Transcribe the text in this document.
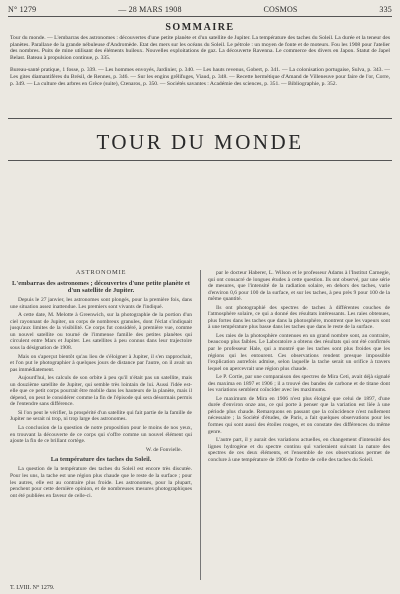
N° 1279	— 28 MARS 1908	COSMOS	335
SOMMAIRE

Tour du monde. — L'embarras des astronomes : découvertes d'une petite planète et d'un satellite de Jupiter. La température des taches du Soleil. La durée et la teneur des planètes. Parallaxe de la grande nébuleuse d'Andromède. Etat des mers sur les océans du Soleil. Le pétrole : un moyen de fonte et de moteurs. Fou les 1908 pour l'atelier des nombres. Puits de mine utilisant des éléments huileux. Nouvelles exploitations de gaz. La découverte Ravenna. Le commerce des divers en Japon. Statut de Japel Belast. Bateau à propulsion continue, p. 335.

Bureau-santé pratique, 1 fosse, p. 339. — Les hommes envoyés, Jardinier, p. 340. — Les hauts revenus, Gobert, p. 341. — La colonisation portugaise, Sulva, p. 343. — Les gites diamantifères du Brésil, de Rennes, p. 346. — Sur les engins grêlifuges, Viaud, p. 348. — Recette hermétique d'Amand de Villeneuve pour faire de l'or, Corre, p. 349. — La culture des arbres en Grèce (suite), Ctenaros, p. 350. — Sociétés savantes : Académie des sciences, p. 351. — Bibliographie, p. 352.

TOUR DU MONDE
ASTRONOMIE
L'embarras des astronomes ; découvertes d'une petite planète et d'un satellite de Jupiter.

Depuis le 27 janvier, les astronomes sont plongés, pour la première fois, dans une situation assez inattendue. Les premiers sont vivants de l'indiqué.

A cette date, M. Melotte à Greenwich, sur la photographie de la portion d'un ciel rayonnant de Jupiter, un corps de nombreux granules, dont l'éclat s'indiquait jusqu'aux limites de la visibilité. Ce corps fut considéré, à première vue, comme un nouvel satellite ou tourné de l'immense famille des petites planètes qui circulent entre Mars et Jupiter. Les satellites à peu connus dans leur trajectoire sous la désignation de 1908.

Mais on s'aperçut bientôt qu'au lieu de s'éloigner à Jupiter, il s'en rapprochait, et l'on put le photographier à quelques jours de distance par l'autre, on il avait un pas immédiatement.

Aujourd'hui, les calculs de son orbite à peu qu'il n'était pas un satellite, mais un douzième satellite de Jupiter, qui semble très lointain de lui. Aussi l'idée est-elle que ce petit corps pourrait être mobile dans les hauteurs de la planète, mais il dépend, on peut le considérer comme la fin de l'épisode qui sera désormais permis de l'entendre sans différence.

Si l'on peut le vérifier, la prospérité d'un satellite qui fait partie de la famille de Jupiter ne serait ni trop, ni trop large des astronomes.

La conclusion de la question de notre proposition pour le moins de nos yeux, en trouvant la découverte de ce corps qui s'offre comme un nouvel élément qui ajoute la fin de ce brillant cortège.

W. de Fonvielle.
La température des taches du Soleil.

La question de la température des taches du Soleil est encore très discutée. Pour les uns, la tache est une région plus chaude que le reste de la surface ; pour les autres, elle est au contraire plus froide. Les astronomes, pour la plupart, penchent pour cette dernière opinion, et de nombreuses mesures photographiques ont été publiées en faveur de celle-ci.

par le docteur Haberer, L. Wilson et le professeur Adams à l'Institut Carnegie, qui ont consacré de longues études à cette question. Ils ont observé, par une série de mesures, que l'intensité de la radiation solaire, en dehors des taches, varie d'environ 0,6 pour 100 de la surface, et sur les taches, à peu près 9 pour 100 de la même quantité.

Ils ont photographié des spectres de taches à différentes couches de l'atmosphère solaire, ce qui a donné des résultats intéressants. Les raies obtenues, plus fortes dans les taches que dans la photosphère, montrent que les vapeurs sont à une température plus basse dans les taches que dans le reste de la surface.

Les raies de la photosphère contenues en un grand nombre sont, au contraire, beaucoup plus faibles. Le Laboratoire a obtenu des résultats qui ont été confirmés par le professeur Hale, qui a montré que les taches sont plus froides que les régions qui les entourent. Ces observations rendent presque impossible l'explication autrefois admise, selon laquelle la tache serait un orifice à travers lequel on apercevrait une région plus chaude.

Le P. Cortie, par une comparaison des spectres de Mira Ceti, avait déjà signalé des maxima en 1897 et 1906 ; il a trouvé des bandes de carbone et de titane dont les variations semblent coïncider avec les maximums.

Le maximum de Mira en 1906 n'est plus éloigné que celui de 1897, d'une durée d'environ onze ans, ce qui porte à penser que la variation est liée à une période plus chaude. Remarquons en passant que la coïncidence n'est nullement nécessaire ; la Société d'études, de Paris, a fait quelques observations pour les formes qui sont aussi des étoiles rouges, et on constate des différences du même genre.

L'autre part, il y aurait des variations actuelles, en changement d'intensité des lignes hydrogène et du spectre continu qui varieraient suivant la nature des spectres de ces deux éléments, et l'ensemble de ces observations permet de conclure à une température de 1906 de l'ordre de celle des taches du Soleil.

T. LVIII. N° 1279.
